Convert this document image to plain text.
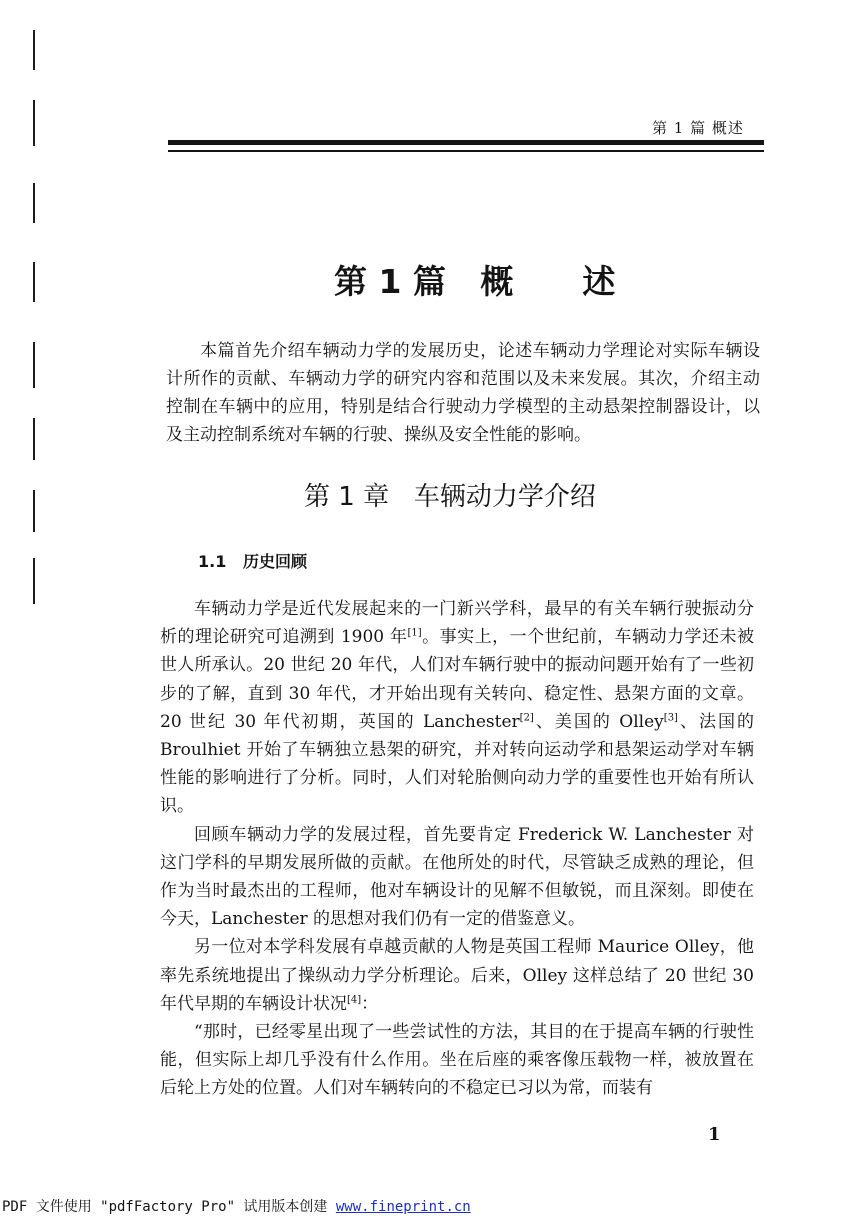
第 1 篇 概述
第 1 篇   概      述
本篇首先介绍车辆动力学的发展历史，论述车辆动力学理论对实际车辆设计所作的贡献、车辆动力学的研究内容和范围以及未来发展。其次，介绍主动控制在车辆中的应用，特别是结合行驶动力学模型的主动悬架控制器设计，以及主动控制系统对车辆的行驶、操纵及安全性能的影响。
第 1 章   车辆动力学介绍
1.1   历史回顾

车辆动力学是近代发展起来的一门新兴学科，最早的有关车辆行驶振动分析的理论研究可追溯到 1900 年[1]。事实上，一个世纪前，车辆动力学还未被世人所承认。20 世纪 20 年代，人们对车辆行驶中的振动问题开始有了一些初步的了解，直到 30 年代，才开始出现有关转向、稳定性、悬架方面的文章。20 世纪 30 年代初期，英国的 Lanchester[2]、美国的 Olley[3]、法国的 Broulhiet 开始了车辆独立悬架的研究，并对转向运动学和悬架运动学对车辆性能的影响进行了分析。同时，人们对轮胎侧向动力学的重要性也开始有所认识。

回顾车辆动力学的发展过程，首先要肯定 Frederick W. Lanchester 对这门学科的早期发展所做的贡献。在他所处的时代，尽管缺乏成熟的理论，但作为当时最杰出的工程师，他对车辆设计的见解不但敏锐，而且深刻。即使在今天，Lanchester 的思想对我们仍有一定的借鉴意义。

另一位对本学科发展有卓越贡献的人物是英国工程师 Maurice Olley，他率先系统地提出了操纵动力学分析理论。后来，Olley 这样总结了 20 世纪 30 年代早期的车辆设计状况[4]：

“那时，已经零星出现了一些尝试性的方法，其目的在于提高车辆的行驶性能，但实际上却几乎没有什么作用。坐在后座的乘客像压载物一样，被放置在后轮上方处的位置。人们对车辆转向的不稳定已习以为常，而装有

1
PDF 文件使用 "pdfFactory Pro" 试用版本创建 www.fineprint.cn
